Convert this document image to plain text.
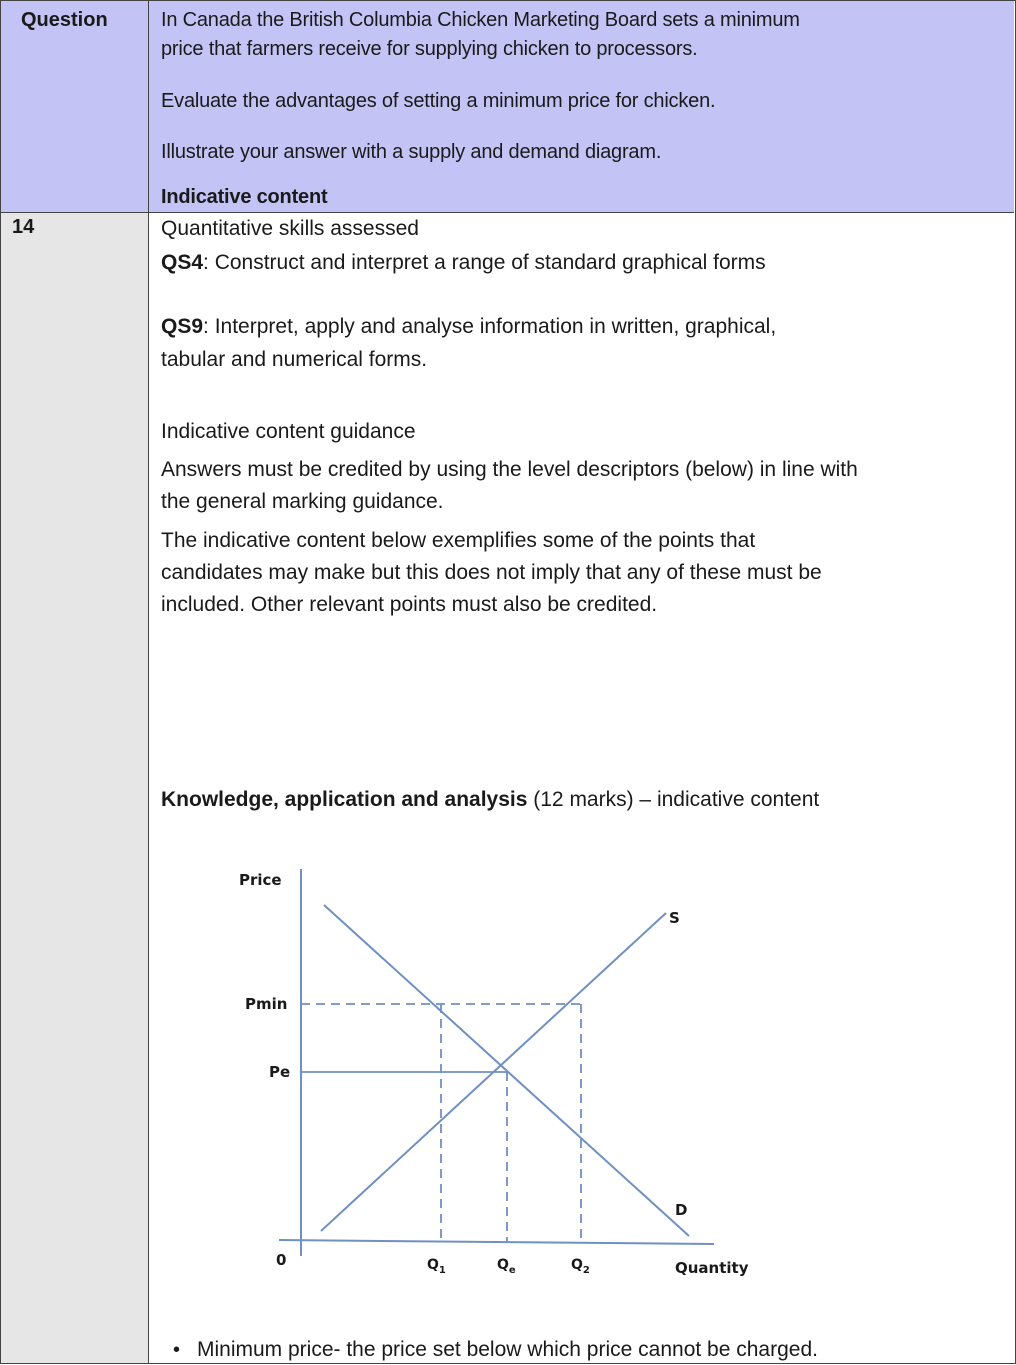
Question	In Canada the British Columbia Chicken Marketing Board sets a minimum
price that farmers receive for supplying chicken to processors.
Evaluate the advantages of setting a minimum price for chicken.
Illustrate your answer with a supply and demand diagram.
Indicative content
14	Quantitative skills assessed
QS4: Construct and interpret a range of standard graphical forms
QS9: Interpret, apply and analyse information in written, graphical,
tabular and numerical forms.
Indicative content guidance
Answers must be credited by using the level descriptors (below) in line with
the general marking guidance.
The indicative content below exemplifies some of the points that
candidates may make but this does not imply that any of these must be
included. Other relevant points must also be credited.
Knowledge, application and analysis (12 marks) – indicative content
Price
Pmin
Pe
0
S
D
Quantity
$Q_1$	$Q_e$	$Q_2$
• Minimum price- the price set below which price cannot be charged.
